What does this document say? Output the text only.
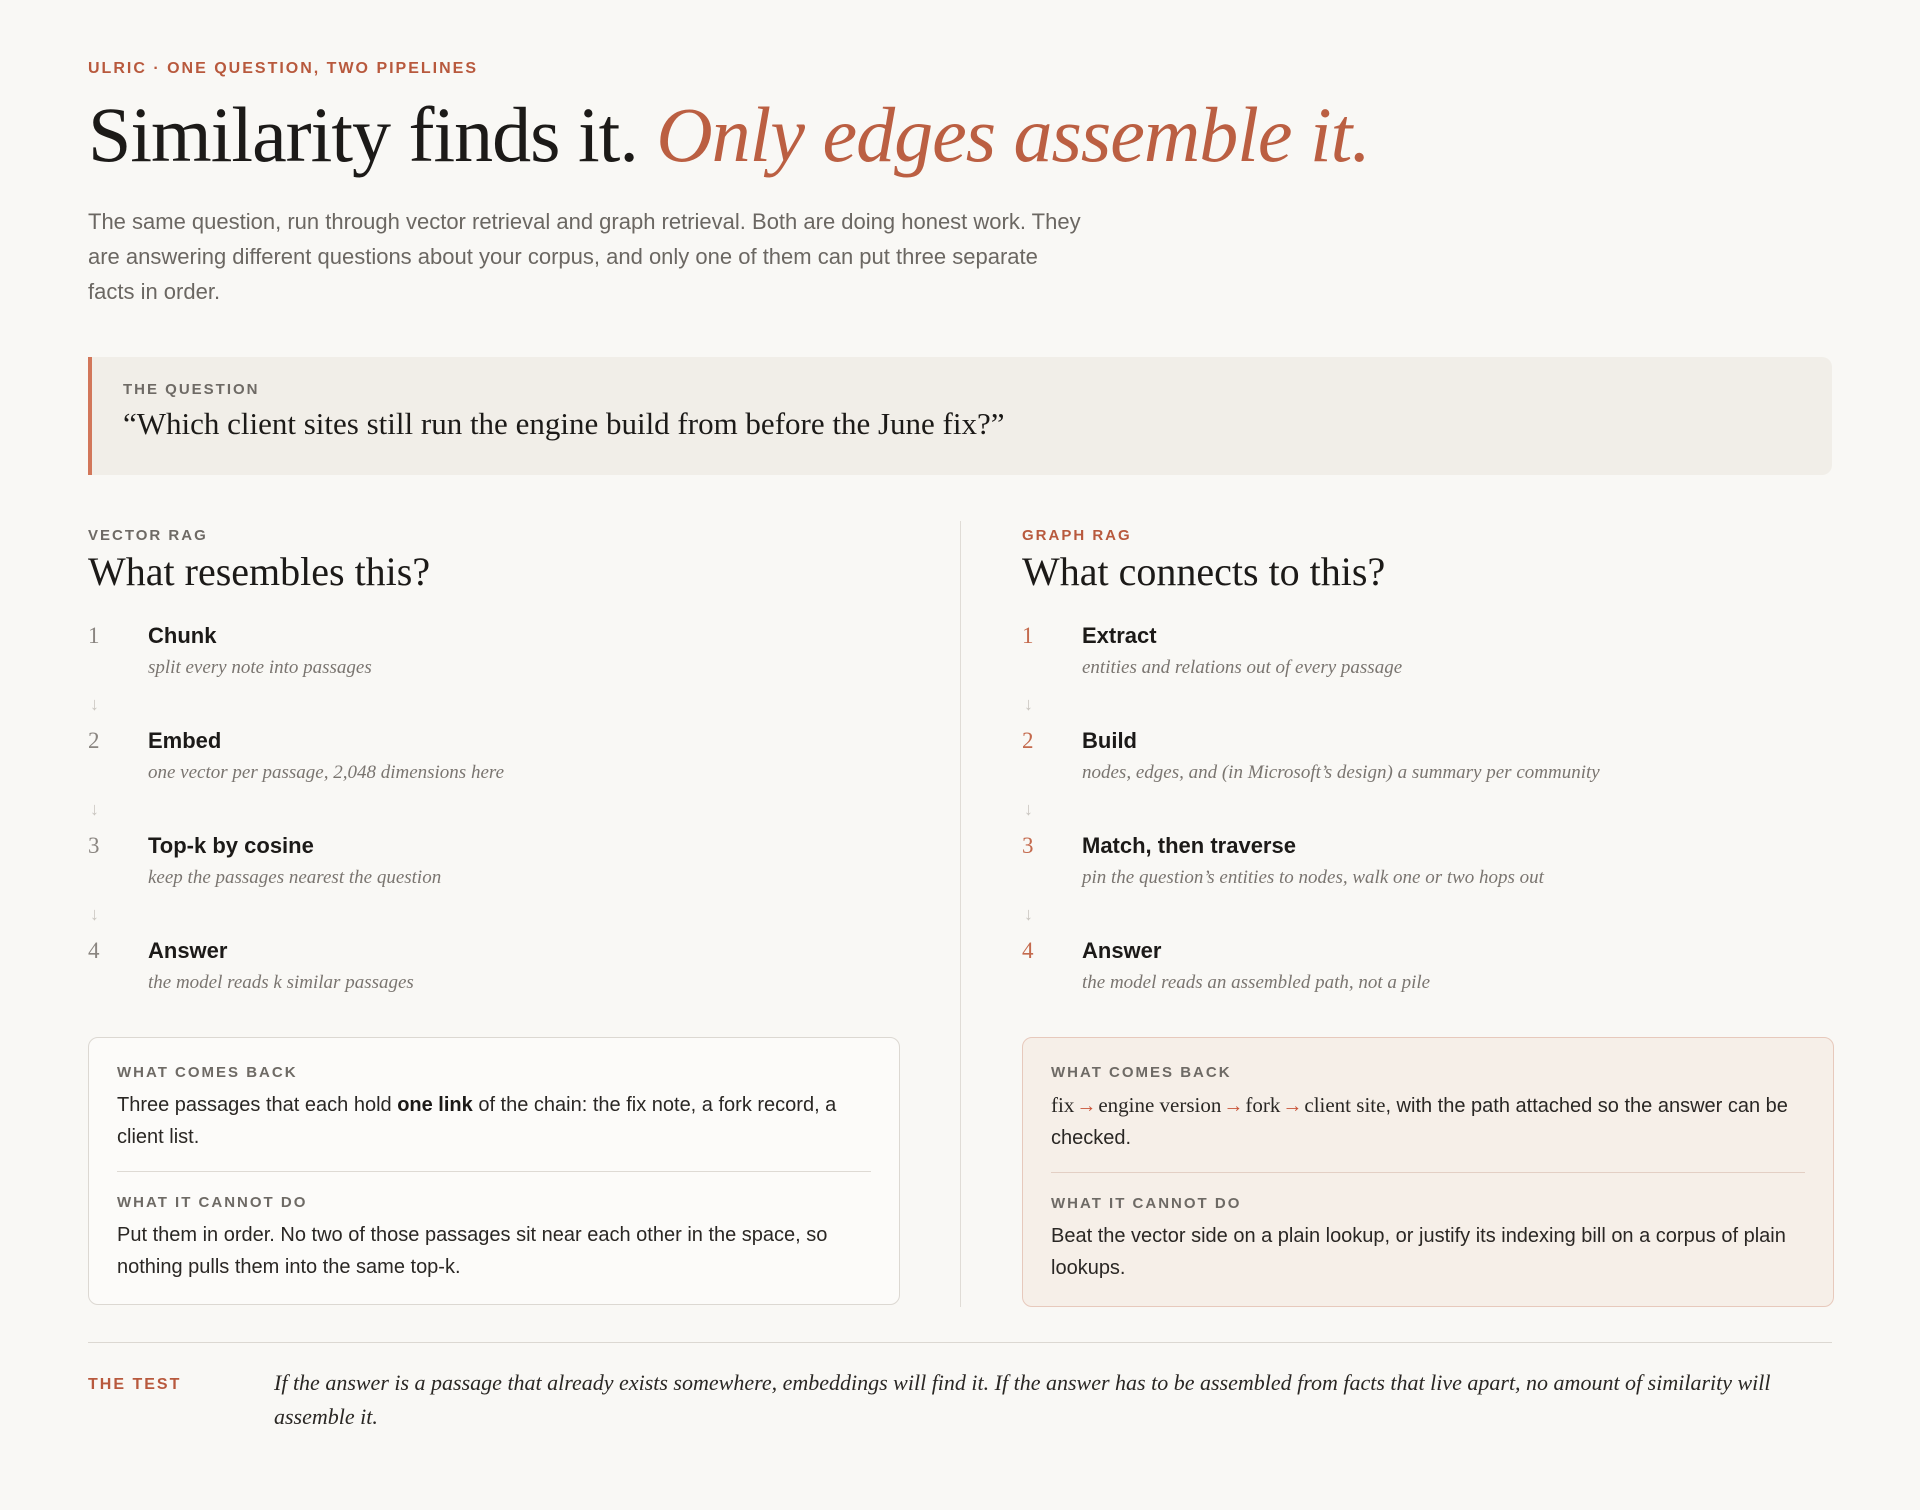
ULRIC · ONE QUESTION, TWO PIPELINES
Similarity finds it. Only edges assemble it.

The same question, run through vector retrieval and graph retrieval. Both are doing honest work. They are answering different questions about your corpus, and only one of them can put three separate facts in order.

THE QUESTION
“Which client sites still run the engine build from before the June fix?”
VECTOR RAG
What resembles this?
1 Chunk
split every note into passages
↓
2 Embed
one vector per passage, 2,048 dimensions here
↓
3 Top-k by cosine
keep the passages nearest the question
↓
4 Answer
the model reads k similar passages
WHAT COMES BACK
Three passages that each hold one link of the chain: the fix note, a fork record, a client list.
WHAT IT CANNOT DO
Put them in order. No two of those passages sit near each other in the space, so nothing pulls them into the same top-k.
GRAPH RAG
What connects to this?
1 Extract
entities and relations out of every passage
↓
2 Build
nodes, edges, and (in Microsoft’s design) a summary per community
↓
3 Match, then traverse
pin the question’s entities to nodes, walk one or two hops out
↓
4 Answer
the model reads an assembled path, not a pile
WHAT COMES BACK
fix →engine version →fork →client site, with the path attached so the answer can be checked.
WHAT IT CANNOT DO
Beat the vector side on a plain lookup, or justify its indexing bill on a corpus of plain lookups.
THE TEST	If the answer is a passage that already exists somewhere, embeddings will find it. If the answer has to be assembled from facts that live apart, no amount of similarity will assemble it.
